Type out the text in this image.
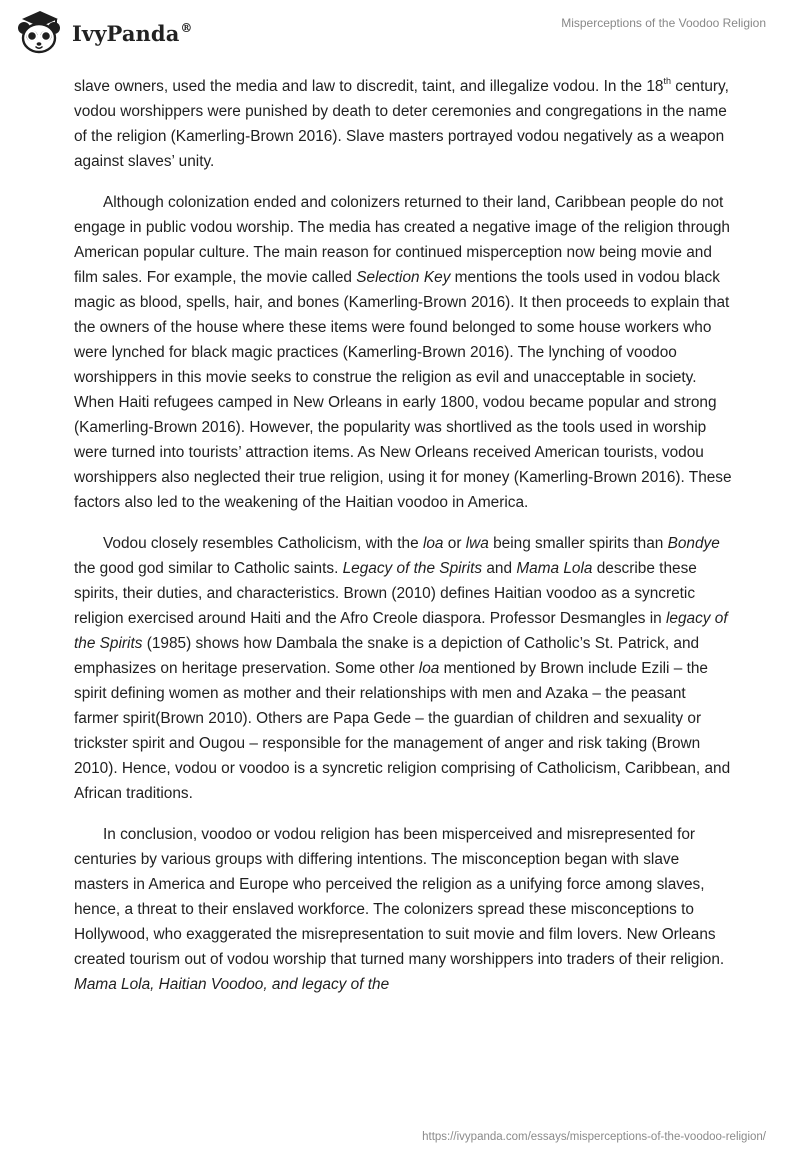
IvyPanda®	Misperceptions of the Voodoo Religion

slave owners, used the media and law to discredit, taint, and illegalize vodou. In the 18th century, vodou worshippers were punished by death to deter ceremonies and congregations in the name of the religion (Kamerling-Brown 2016). Slave masters portrayed vodou negatively as a weapon against slaves’ unity.

Although colonization ended and colonizers returned to their land, Caribbean people do not engage in public vodou worship. The media has created a negative image of the religion through American popular culture. The main reason for continued misperception now being movie and film sales. For example, the movie called Selection Key mentions the tools used in vodou black magic as blood, spells, hair, and bones (Kamerling-Brown 2016). It then proceeds to explain that the owners of the house where these items were found belonged to some house workers who were lynched for black magic practices (Kamerling-Brown 2016). The lynching of voodoo worshippers in this movie seeks to construe the religion as evil and unacceptable in society. When Haiti refugees camped in New Orleans in early 1800, vodou became popular and strong (Kamerling-Brown 2016). However, the popularity was shortlived as the tools used in worship were turned into tourists’ attraction items. As New Orleans received American tourists, vodou worshippers also neglected their true religion, using it for money (Kamerling-Brown 2016). These factors also led to the weakening of the Haitian voodoo in America.

Vodou closely resembles Catholicism, with the loa or lwa being smaller spirits than Bondye the good god similar to Catholic saints. Legacy of the Spirits and Mama Lola describe these spirits, their duties, and characteristics. Brown (2010) defines Haitian voodoo as a syncretic religion exercised around Haiti and the Afro Creole diaspora. Professor Desmangles in legacy of the Spirits (1985) shows how Dambala the snake is a depiction of Catholic’s St. Patrick, and emphasizes on heritage preservation. Some other loa mentioned by Brown include Ezili – the spirit defining women as mother and their relationships with men and Azaka – the peasant farmer spirit(Brown 2010). Others are Papa Gede – the guardian of children and sexuality or trickster spirit and Ougou – responsible for the management of anger and risk taking (Brown 2010). Hence, vodou or voodoo is a syncretic religion comprising of Catholicism, Caribbean, and African traditions.

In conclusion, voodoo or vodou religion has been misperceived and misrepresented for centuries by various groups with differing intentions. The misconception began with slave masters in America and Europe who perceived the religion as a unifying force among slaves, hence, a threat to their enslaved workforce. The colonizers spread these misconceptions to Hollywood, who exaggerated the misrepresentation to suit movie and film lovers. New Orleans created tourism out of vodou worship that turned many worshippers into traders of their religion. Mama Lola, Haitian Voodoo, and legacy of the

https://ivypanda.com/essays/misperceptions-of-the-voodoo-religion/
